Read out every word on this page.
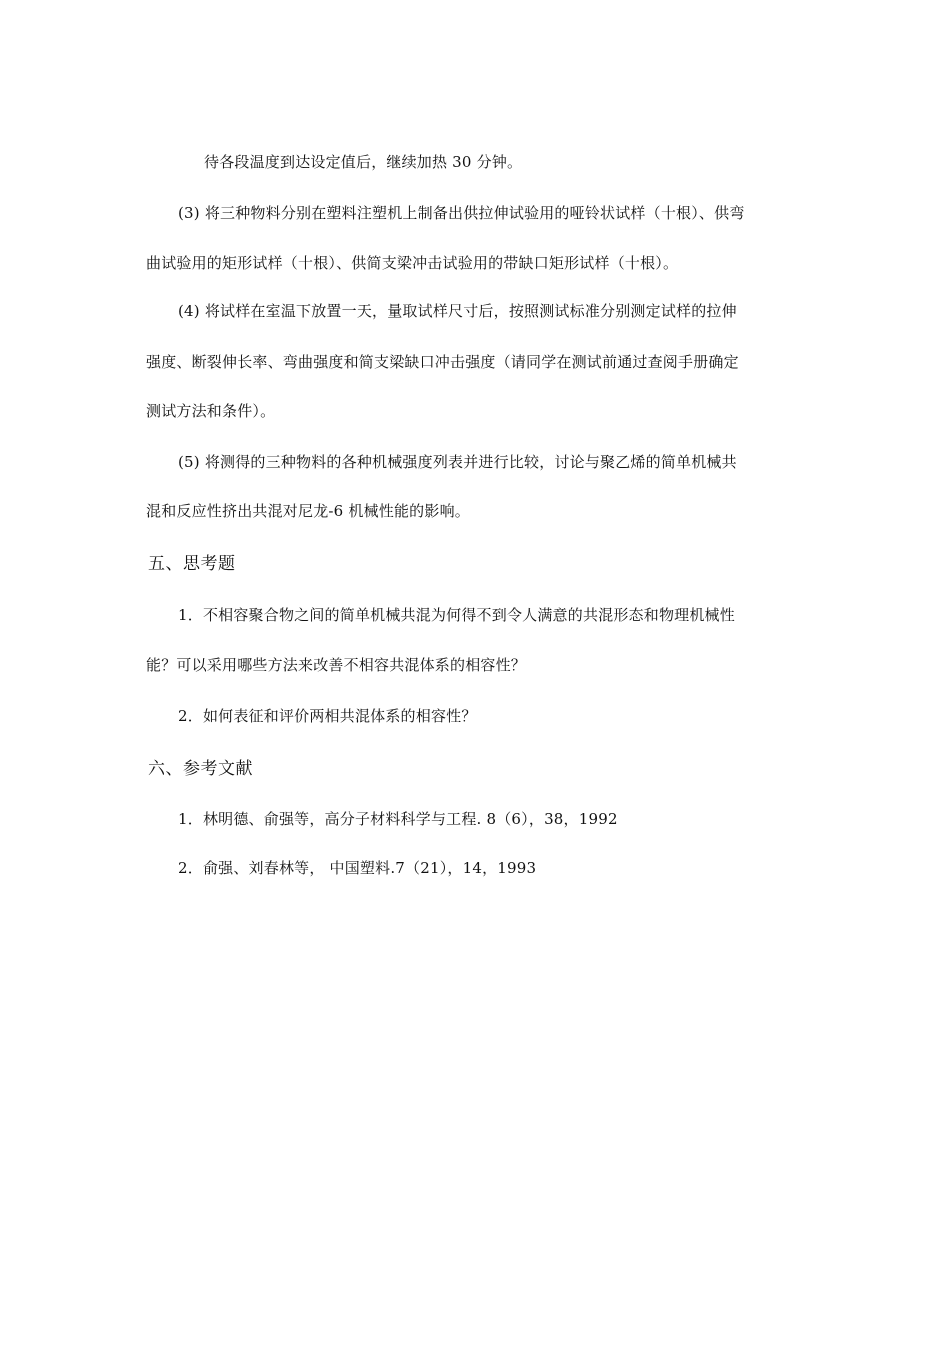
待各段温度到达设定值后，继续加热 30 分钟。
(3) 将三种物料分别在塑料注塑机上制备出供拉伸试验用的哑铃状试样（十根）、供弯
曲试验用的矩形试样（十根）、供简支梁冲击试验用的带缺口矩形试样（十根）。
(4) 将试样在室温下放置一天，量取试样尺寸后，按照测试标准分别测定试样的拉伸
强度、断裂伸长率、弯曲强度和简支梁缺口冲击强度（请同学在测试前通过查阅手册确定
测试方法和条件）。
(5) 将测得的三种物料的各种机械强度列表并进行比较，讨论与聚乙烯的简单机械共
混和反应性挤出共混对尼龙-6 机械性能的影响。
五、思考题
1．不相容聚合物之间的简单机械共混为何得不到令人满意的共混形态和物理机械性
能？可以采用哪些方法来改善不相容共混体系的相容性？
2．如何表征和评价两相共混体系的相容性？
六、参考文献
1．林明德、俞强等，高分子材料科学与工程. 8（6），38，1992
2．俞强、刘春林等， 中国塑料.7（21），14，1993
